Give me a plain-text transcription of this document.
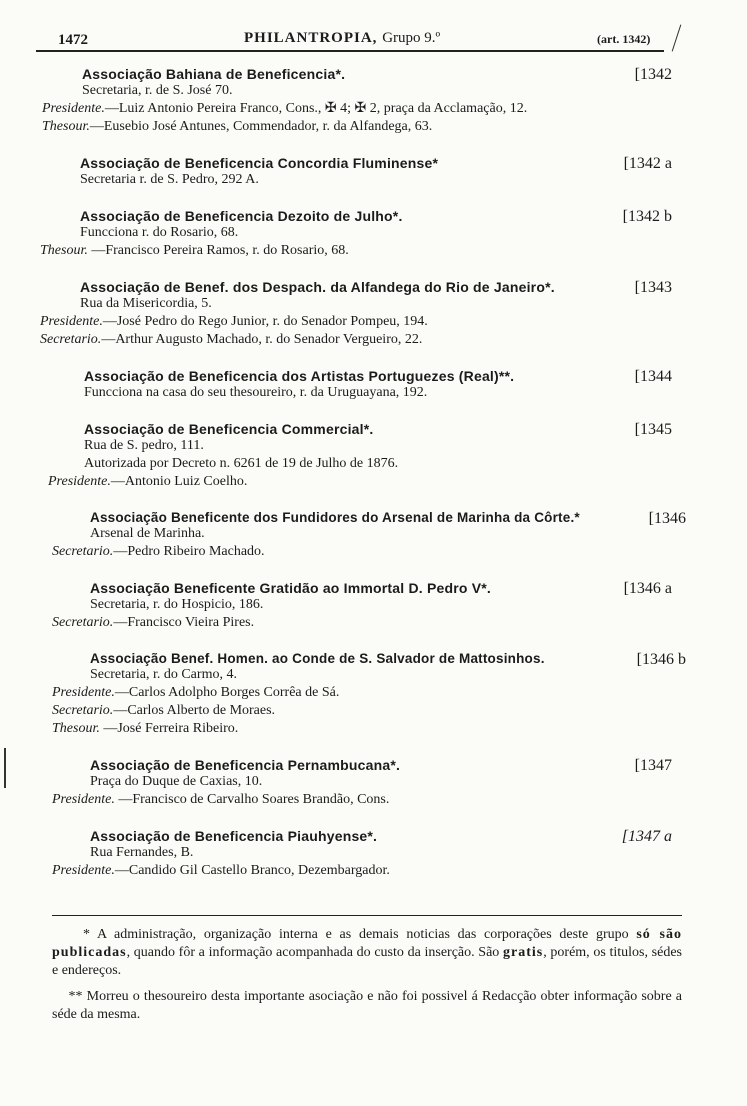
1472	PHILANTROPIA, Grupo 9.º	(art. 1342)
Associação Bahiana de Beneficencia*.	[1342
Secretaria, r. de S. José 70.
Presidente.—Luiz Antonio Pereira Franco, Cons., ✠ 4; ✠ 2, praça da Acclamação, 12.
Thesour.—Eusebio José Antunes, Commendador, r. da Alfandega, 63.
Associação de Beneficencia Concordia Fluminense*	[1342 a
Secretaria r. de S. Pedro, 292 A.
Associação de Beneficencia Dezoito de Julho*.	[1342 b
Funcciona r. do Rosario, 68.
Thesour. —Francisco Pereira Ramos, r. do Rosario, 68.
Associação de Benef. dos Despach. da Alfandega do Rio de Janeiro*.	[1343
Rua da Misericordia, 5.
Presidente.—José Pedro do Rego Junior, r. do Senador Pompeu, 194.
Secretario.—Arthur Augusto Machado, r. do Senador Vergueiro, 22.
Associação de Beneficencia dos Artistas Portuguezes (Real)**.	[1344
Funcciona na casa do seu thesoureiro, r. da Uruguayana, 192.
Associação de Beneficencia Commercial*.	[1345
Rua de S. pedro, 111.
Autorizada por Decreto n. 6261 de 19 de Julho de 1876.
Presidente.—Antonio Luiz Coelho.
Associação Beneficente dos Fundidores do Arsenal de Marinha da Côrte.*	[1346
Arsenal de Marinha.
Secretario.—Pedro Ribeiro Machado.
Associação Beneficente Gratidão ao Immortal D. Pedro V*.	[1346 a
Secretaria, r. do Hospicio, 186.
Secretario.—Francisco Vieira Pires.
Associação Benef. Homen. ao Conde de S. Salvador de Mattosinhos.	[1346 b
Secretaria, r. do Carmo, 4.
Presidente.—Carlos Adolpho Borges Corrêa de Sá.
Secretario.—Carlos Alberto de Moraes.
Thesour. —José Ferreira Ribeiro.
Associação de Beneficencia Pernambucana*.	[1347
Praça do Duque de Caxias, 10.
Presidente. —Francisco de Carvalho Soares Brandão, Cons.
Associação de Beneficencia Piauhyense*.	[1347 a
Rua Fernandes, B.
Presidente.—Candido Gil Castello Branco, Dezembargador.

* A administração, organização interna e as demais noticias das corporações deste grupo só são publicadas, quando fôr a informação acompanhada do custo da inserção. São gratis, porém, os titulos, sédes e endereços.

** Morreu o thesoureiro desta importante asociação e não foi possivel á Redacção obter informação sobre a séde da mesma.
